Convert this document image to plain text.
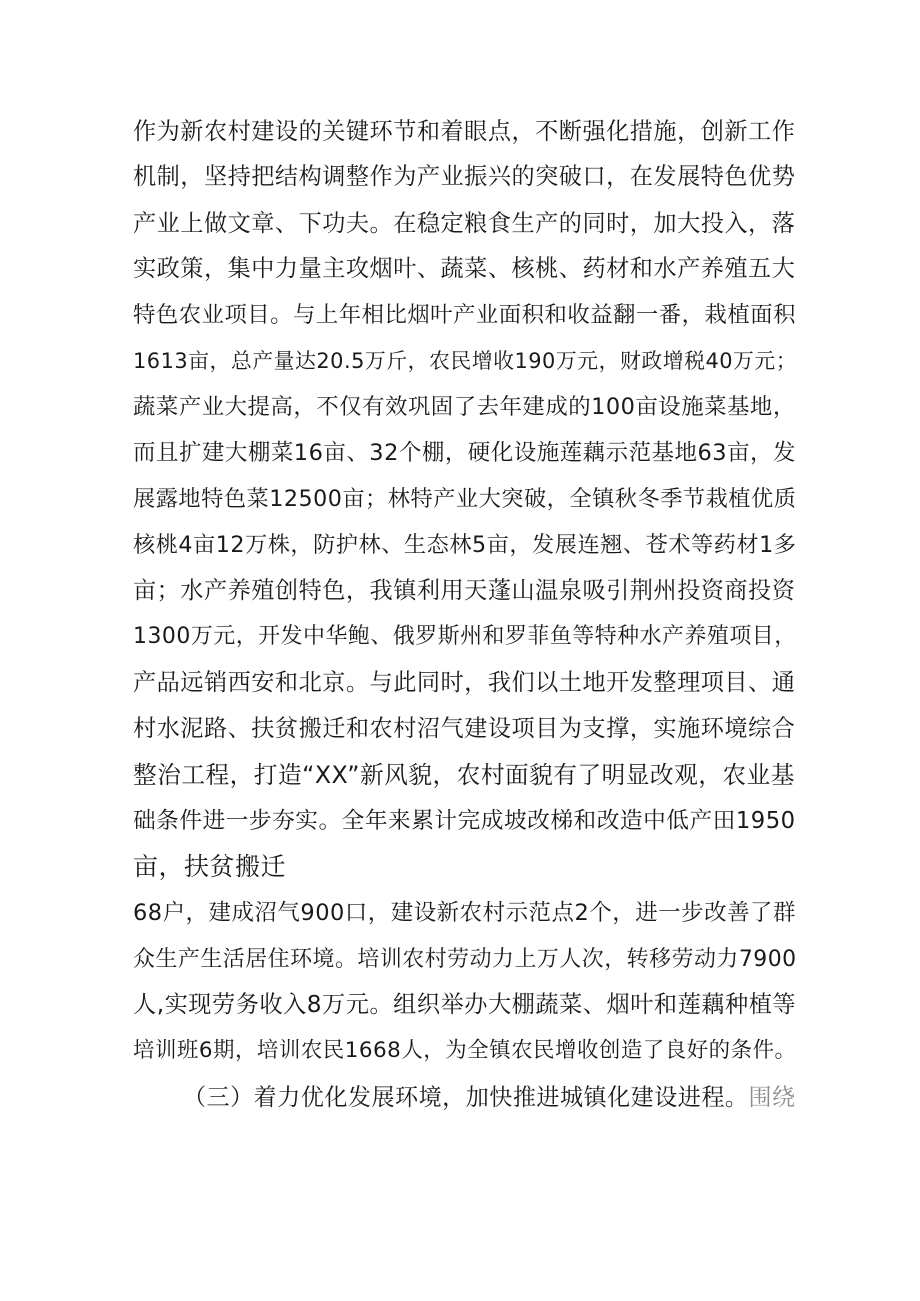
作为新农村建设的关键环节和着眼点，不断强化措施，创新工作
机制，坚持把结构调整作为产业振兴的突破口，在发展特色优势
产业上做文章、下功夫。在稳定粮食生产的同时，加大投入，落
实政策，集中力量主攻烟叶、蔬菜、核桃、药材和水产养殖五大
特色农业项目。与上年相比烟叶产业面积和收益翻一番，栽植面积
1613亩，总产量达20.5万斤，农民增收190万元，财政增税40万元；
蔬菜产业大提高，不仅有效巩固了去年建成的100亩设施菜基地，
而且扩建大棚菜16亩、32个棚，硬化设施莲藕示范基地63亩，发
展露地特色菜12500亩；林特产业大突破，全镇秋冬季节栽植优质
核桃4亩12万株，防护林、生态林5亩，发展连翘、苍术等药材1多
亩；水产养殖创特色，我镇利用天蓬山温泉吸引荆州投资商投资
1300万元，开发中华鲍、俄罗斯州和罗菲鱼等特种水产养殖项目，
产品远销西安和北京。与此同时，我们以土地开发整理项目、通
村水泥路、扶贫搬迁和农村沼气建设项目为支撑，实施环境综合
整治工程，打造“XX”新风貌，农村面貌有了明显改观，农业基
础条件进一步夯实。全年来累计完成坡改梯和改造中低产田1950
亩，扶贫搬迁
68户，建成沼气900口，建设新农村示范点2个，进一步改善了群
众生产生活居住环境。培训农村劳动力上万人次，转移劳动力7900
人,实现劳务收入8万元。组织举办大棚蔬菜、烟叶和莲藕种植等
培训班6期，培训农民1668人，为全镇农民增收创造了良好的条件。
（三）着力优化发展环境，加快推进城镇化建设进程。围绕
